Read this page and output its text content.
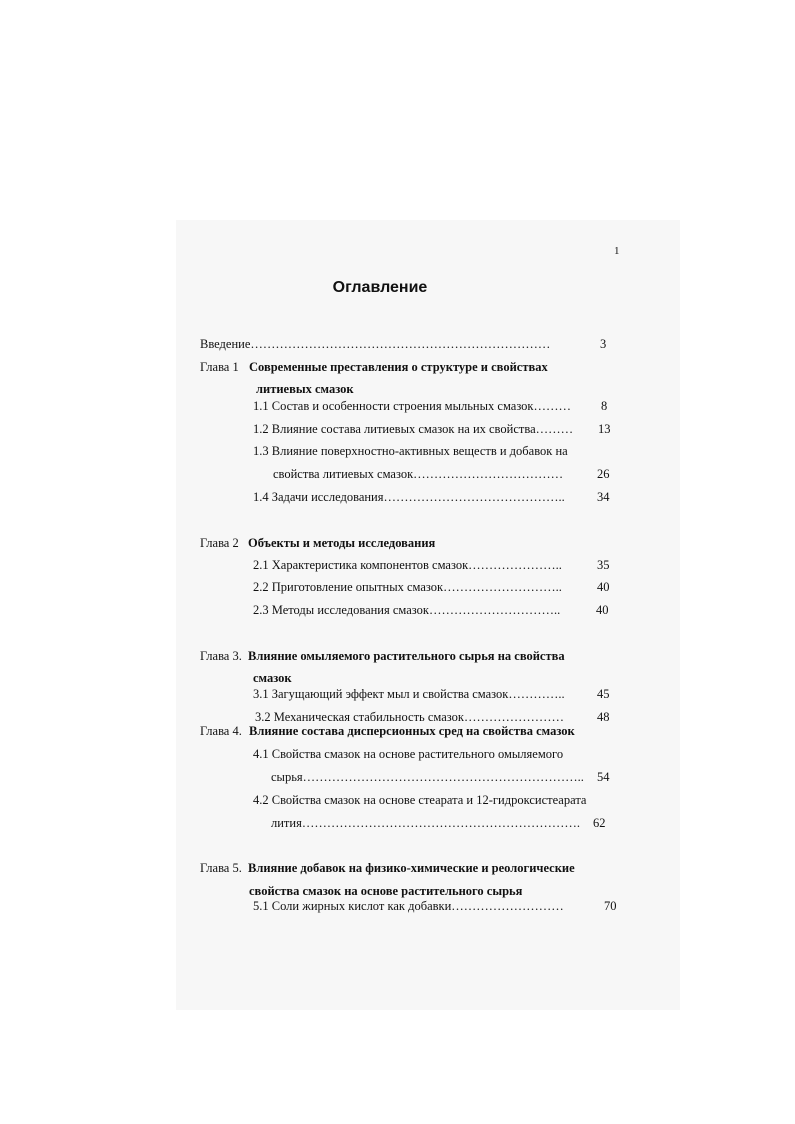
1
Оглавление
Введение………………………………………………………………	3
Глава 1 Современные преставления о структуре и свойствах
литиевых смазок
1.1 Состав и особенности строения мыльных смазок……… 8
1.2 Влияние состава литиевых смазок на их свойства……… 13
1.3 Влияние поверхностно-активных веществ и добавок на
свойства литиевых смазок………………………………	26
1.4 Задачи исследования……………………………………..	34
Глава 2 Объекты и методы исследования
2.1 Характеристика компонентов смазок…………………..	35
2.2 Приготовление опытных смазок………………………..	40
2.3 Методы исследования смазок…………………………..	40
Глава 3. Влияние омыляемого растительного сырья на свойства
смазок
3.1 Загущающий эффект мыл и свойства смазок…………..	45
3.2 Механическая стабильность смазок……………………	48
Глава 4. Влияние состава дисперсионных сред на свойства смазок
4.1 Свойства смазок на основе растительного омыляемого
сырья………………………………………………………….. 54
4.2 Свойства смазок на основе стеарата и 12-гидроксистеарата
лития…………………………………………………………. 62
Глава 5. Влияние добавок на физико-химические и реологические
свойства смазок на основе растительного сырья
5.1 Соли жирных кислот как добавки………………………	70
